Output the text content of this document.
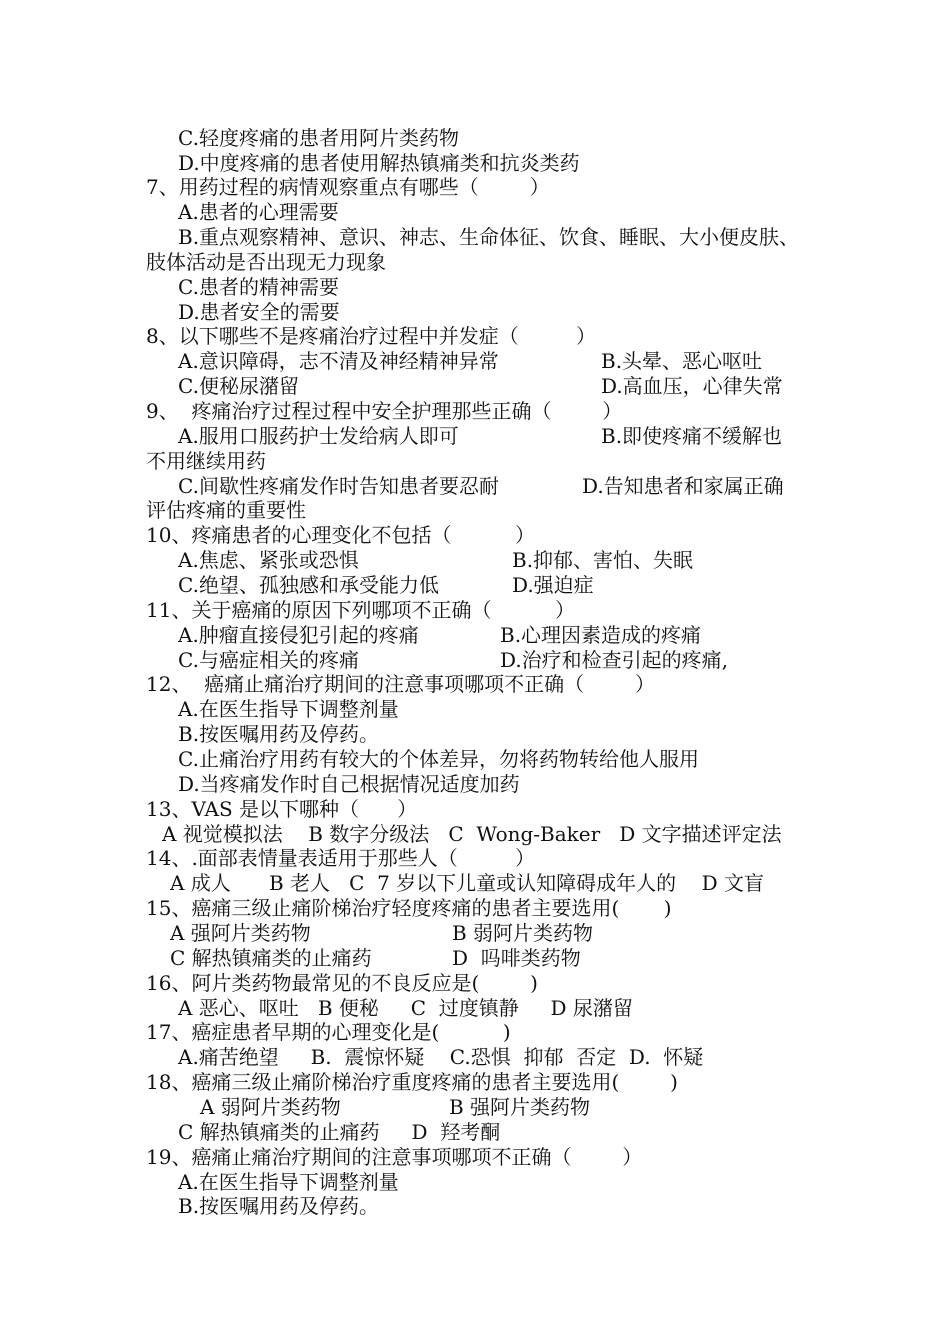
C.轻度疼痛的患者用阿片类药物
D.中度疼痛的患者使用解热镇痛类和抗炎类药
7、用药过程的病情观察重点有哪些（        ）
A.患者的心理需要
B.重点观察精神、意识、神志、生命体征、饮食、睡眠、大小便皮肤、
肢体活动是否出现无力现象
C.患者的精神需要
D.患者安全的需要
8、以下哪些不是疼痛治疗过程中并发症（         ）
A.意识障碍，志不清及神经精神异常	B.头晕、恶心呕吐
C.便秘尿潴留	D.高血压，心律失常
9、  疼痛治疗过程过程中安全护理那些正确（        ）
A.服用口服药护士发给病人即可	B.即使疼痛不缓解也
不用继续用药
C.间歇性疼痛发作时告知患者要忍耐	D.告知患者和家属正确
评估疼痛的重要性
10、疼痛患者的心理变化不包括（          ）
A.焦虑、紧张或恐惧	B.抑郁、害怕、失眠
C.绝望、孤独感和承受能力低	D.强迫症
11、关于癌痛的原因下列哪项不正确（          ）
A.肿瘤直接侵犯引起的疼痛	B.心理因素造成的疼痛
C.与癌症相关的疼痛	D.治疗和检查引起的疼痛,
12、  癌痛止痛治疗期间的注意事项哪项不正确（        ）
A.在医生指导下调整剂量
B.按医嘱用药及停药。
C.止痛治疗用药有较大的个体差异，勿将药物转给他人服用
D.当疼痛发作时自己根据情况适度加药
13、VAS 是以下哪种（      ）
A 视觉模拟法    B 数字分级法   C  Wong-Baker   D 文字描述评定法
14、.面部表情量表适用于那些人（         ）
A 成人      B 老人   C  7 岁以下儿童或认知障碍成年人的    D 文盲
15、癌痛三级止痛阶梯治疗轻度疼痛的患者主要选用(       )
A 强阿片类药物	B 弱阿片类药物
C 解热镇痛类的止痛药	D  吗啡类药物
16、阿片类药物最常见的不良反应是(        )
A 恶心、呕吐   B 便秘     C  过度镇静     D 尿潴留
17、癌症患者早期的心理变化是(          )
A.痛苦绝望     B.  震惊怀疑    C.恐惧  抑郁  否定  D.  怀疑
18、癌痛三级止痛阶梯治疗重度疼痛的患者主要选用(        )
A 弱阿片类药物	B 强阿片类药物
C 解热镇痛类的止痛药     D  羟考酮
19、癌痛止痛治疗期间的注意事项哪项不正确（        ）
A.在医生指导下调整剂量
B.按医嘱用药及停药。
